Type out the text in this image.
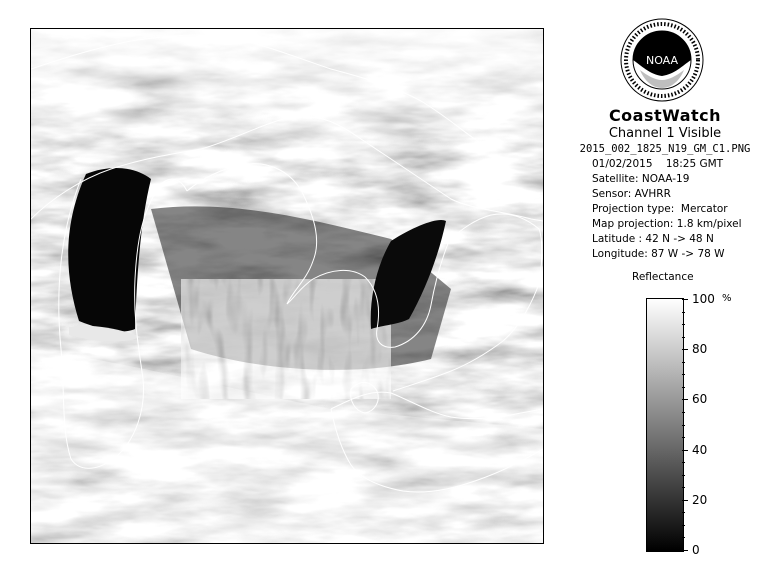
NOAA
CoastWatch
Channel 1 Visible
2015_002_1825_N19_GM_C1.PNG
01/02/2015    18:25 GMT
Satellite: NOAA-19
Sensor: AVHRR
Projection type:  Mercator
Map projection: 1.8 km/pixel
Latitude : 42 N -> 48 N
Longitude: 87 W -> 78 W
Reflectance
%
100
80
60
40
20
0
